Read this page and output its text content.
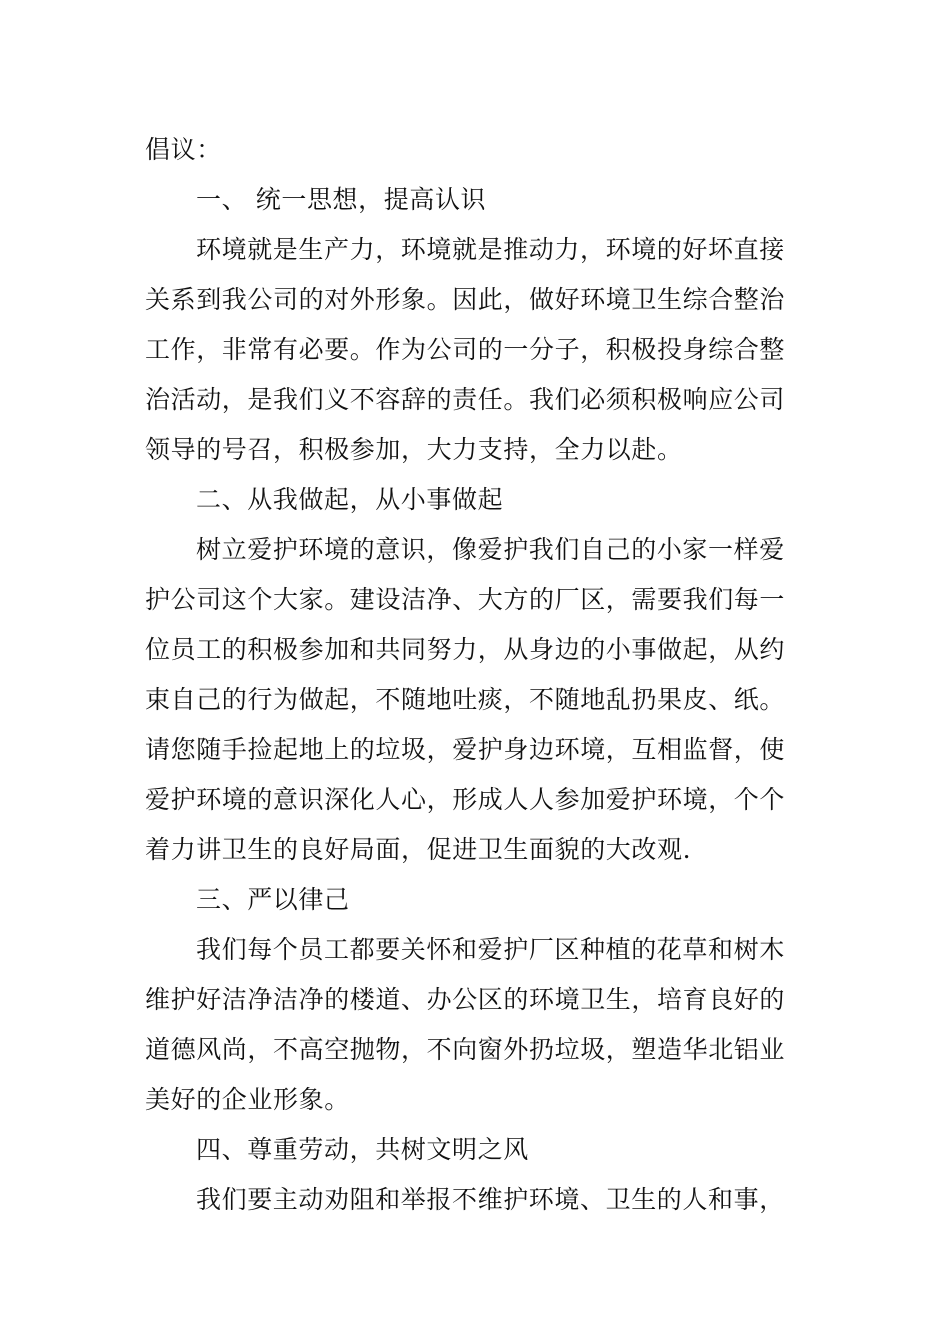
倡议：
一、 统一思想，提高认识
环境就是生产力，环境就是推动力，环境的好坏直接
关系到我公司的对外形象。因此，做好环境卫生综合整治
工作，非常有必要。作为公司的一分子，积极投身综合整
治活动，是我们义不容辞的责任。我们必须积极响应公司
领导的号召，积极参加，大力支持，全力以赴。
二、从我做起，从小事做起
树立爱护环境的意识，像爱护我们自己的小家一样爱
护公司这个大家。建设洁净、大方的厂区，需要我们每一
位员工的积极参加和共同努力，从身边的小事做起，从约
束自己的行为做起，不随地吐痰，不随地乱扔果皮、纸。
请您随手捡起地上的垃圾，爱护身边环境，互相监督，使
爱护环境的意识深化人心，形成人人参加爱护环境，个个
着力讲卫生的良好局面，促进卫生面貌的大改观.
三、严以律己
我们每个员工都要关怀和爱护厂区种植的花草和树木
维护好洁净洁净的楼道、办公区的环境卫生，培育良好的
道德风尚，不高空抛物，不向窗外扔垃圾，塑造华北铝业
美好的企业形象。
四、尊重劳动，共树文明之风
我们要主动劝阻和举报不维护环境、卫生的人和事，
